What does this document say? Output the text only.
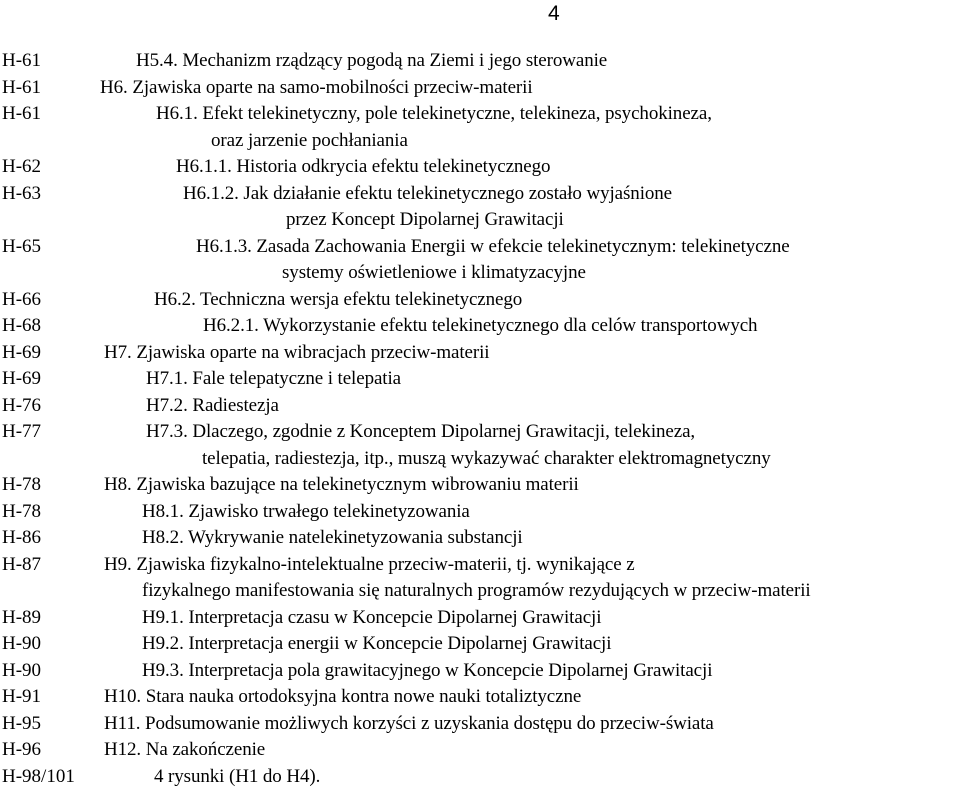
4
H-61	H5.4. Mechanizm rządzący pogodą na Ziemi i jego sterowanie
H-61	H6. Zjawiska oparte na samo-mobilności przeciw-materii
H-61	H6.1. Efekt telekinetyczny, pole telekinetyczne, telekineza, psychokineza,
oraz jarzenie pochłaniania
H-62	H6.1.1. Historia odkrycia efektu telekinetycznego
H-63	H6.1.2. Jak działanie efektu telekinetycznego zostało wyjaśnione
przez Koncept Dipolarnej Grawitacji
H-65	H6.1.3. Zasada Zachowania Energii w efekcie telekinetycznym: telekinetyczne
systemy oświetleniowe i klimatyzacyjne
H-66	H6.2. Techniczna wersja efektu telekinetycznego
H-68	H6.2.1. Wykorzystanie efektu telekinetycznego dla celów transportowych
H-69	H7. Zjawiska oparte na wibracjach przeciw-materii
H-69	H7.1. Fale telepatyczne i telepatia
H-76	H7.2. Radiestezja
H-77	H7.3. Dlaczego, zgodnie z Konceptem Dipolarnej Grawitacji, telekineza,
telepatia, radiestezja, itp., muszą wykazywać charakter elektromagnetyczny
H-78	H8. Zjawiska bazujące na telekinetycznym wibrowaniu materii
H-78	H8.1. Zjawisko trwałego telekinetyzowania
H-86	H8.2. Wykrywanie natelekinetyzowania substancji
H-87	H9. Zjawiska fizykalno-intelektualne przeciw-materii, tj. wynikające z
fizykalnego manifestowania się naturalnych programów rezydujących w przeciw-materii
H-89	H9.1. Interpretacja czasu w Koncepcie Dipolarnej Grawitacji
H-90	H9.2. Interpretacja energii w Koncepcie Dipolarnej Grawitacji
H-90	H9.3. Interpretacja pola grawitacyjnego w Koncepcie Dipolarnej Grawitacji
H-91	H10. Stara nauka ortodoksyjna kontra nowe nauki totaliztyczne
H-95	H11. Podsumowanie możliwych korzyści z uzyskania dostępu do przeciw-świata
H-96	H12. Na zakończenie
H-98/101	4 rysunki (H1 do H4).
